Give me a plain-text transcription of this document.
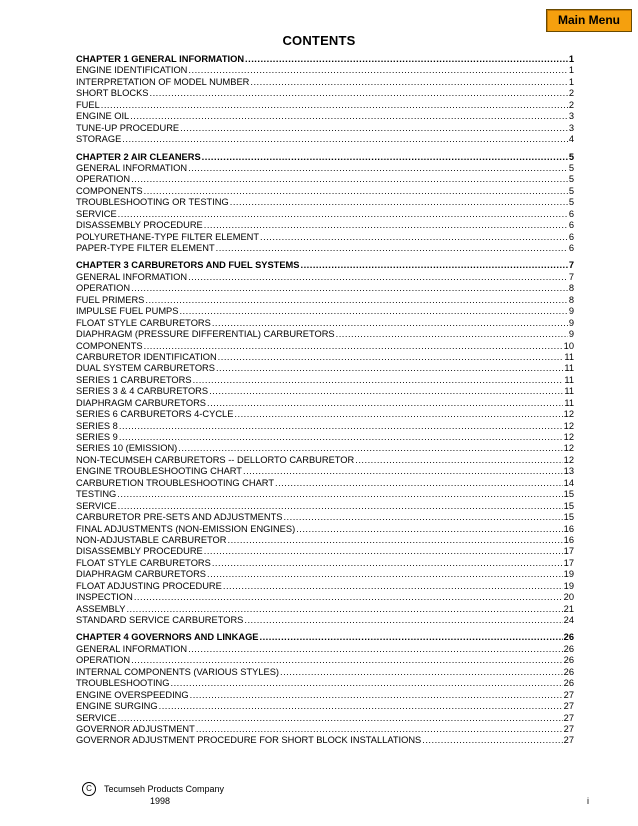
Main Menu
CONTENTS
CHAPTER 1 GENERAL INFORMATION .....	1
ENGINE IDENTIFICATION .....	1
INTERPRETATION OF MODEL NUMBER .....	1
SHORT BLOCKS .....	2
FUEL .....	2
ENGINE OIL .....	3
TUNE-UP PROCEDURE .....	3
STORAGE .....	4
CHAPTER 2 AIR CLEANERS .....	5
GENERAL INFORMATION .....	5
OPERATION .....	5
COMPONENTS .....	5
TROUBLESHOOTING OR TESTING .....	5
SERVICE .....	6
DISASSEMBLY PROCEDURE .....	6
POLYURETHANE-TYPE FILTER ELEMENT .....	6
PAPER-TYPE FILTER ELEMENT .....	6
CHAPTER 3 CARBURETORS AND FUEL SYSTEMS .....	7
GENERAL INFORMATION .....	7
OPERATION .....	8
FUEL PRIMERS .....	8
IMPULSE FUEL PUMPS .....	9
FLOAT STYLE CARBURETORS .....	9
DIAPHRAGM (PRESSURE DIFFERENTIAL) CARBURETORS .....	9
COMPONENTS .....	10
CARBURETOR IDENTIFICATION .....	11
DUAL SYSTEM CARBURETORS .....	11
SERIES 1 CARBURETORS .....	11
SERIES 3 & 4 CARBURETORS .....	11
DIAPHRAGM CARBURETORS .....	11
SERIES 6 CARBURETORS 4-CYCLE .....	12
SERIES 8 .....	12
SERIES 9 .....	12
SERIES 10 (EMISSION) .....	12
NON-TECUMSEH CARBURETORS -- DELLORTO CARBURETOR .....	12
ENGINE TROUBLESHOOTING CHART .....	13
CARBURETION TROUBLESHOOTING CHART .....	14
TESTING .....	15
SERVICE .....	15
CARBURETOR PRE-SETS AND ADJUSTMENTS .....	15
FINAL ADJUSTMENTS (NON-EMISSION ENGINES) .....	16
NON-ADJUSTABLE CARBURETOR .....	16
DISASSEMBLY PROCEDURE .....	17
FLOAT STYLE CARBURETORS .....	17
DIAPHRAGM CARBURETORS .....	19
FLOAT ADJUSTING PROCEDURE .....	19
INSPECTION .....	20
ASSEMBLY .....	21
STANDARD SERVICE CARBURETORS .....	24
CHAPTER 4 GOVERNORS AND LINKAGE .....	26
GENERAL INFORMATION .....	26
OPERATION .....	26
INTERNAL COMPONENTS (VARIOUS STYLES) .....	26
TROUBLESHOOTING .....	26
ENGINE OVERSPEEDING .....	27
ENGINE SURGING .....	27
SERVICE .....	27
GOVERNOR ADJUSTMENT .....	27
GOVERNOR ADJUSTMENT PROCEDURE FOR SHORT BLOCK INSTALLATIONS .....	27
C Tecumseh Products Company
1998	i
